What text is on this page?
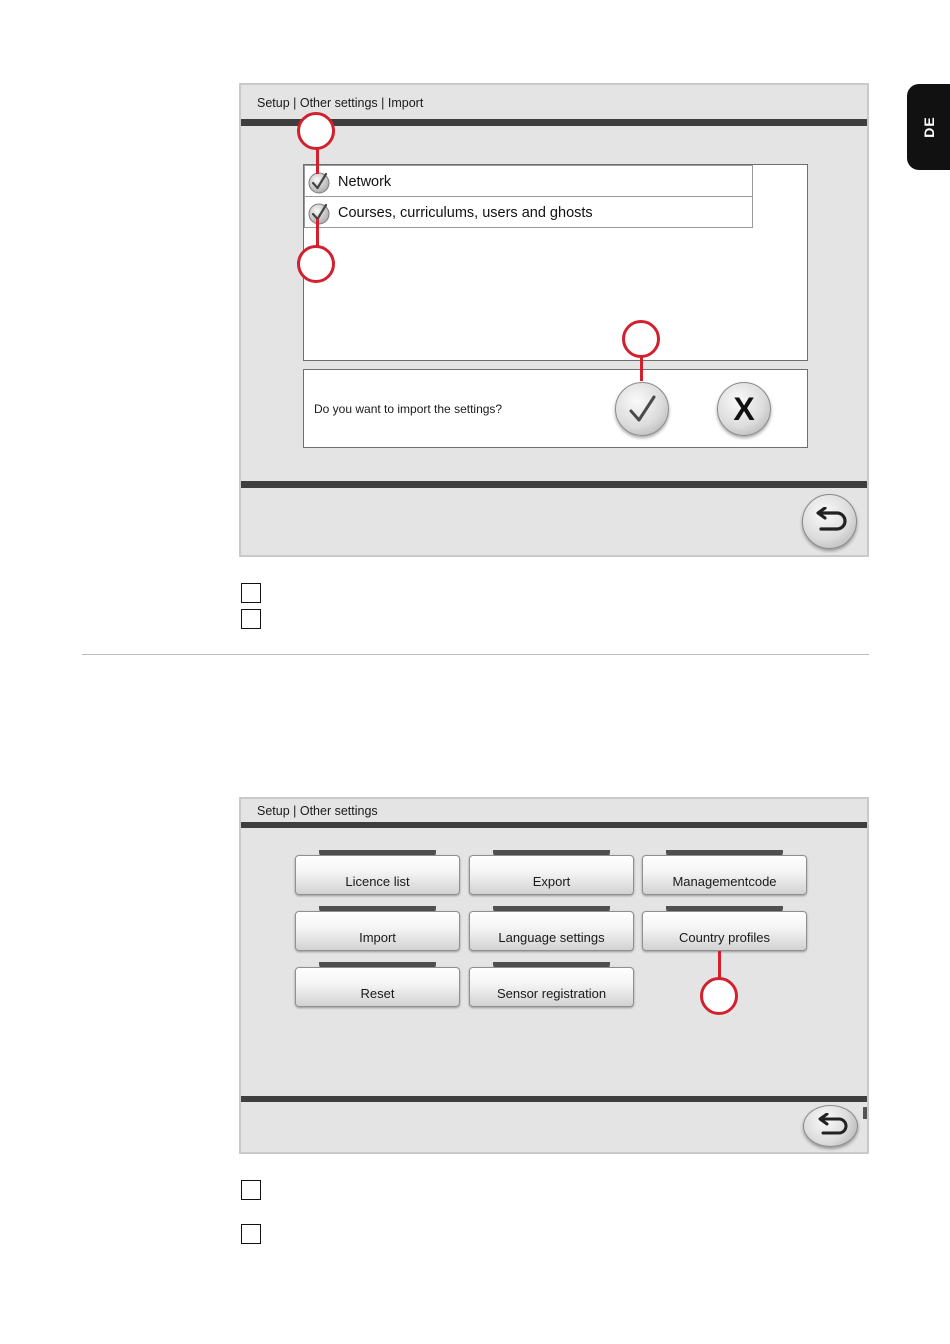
DE
Setup | Other settings | Import
Network
Courses, curriculums, users and ghosts
Do you want to import the settings?	X
Setup | Other settings
Licence list	Export	Managementcode
Import	Language settings	Country profiles
Reset	Sensor registration
